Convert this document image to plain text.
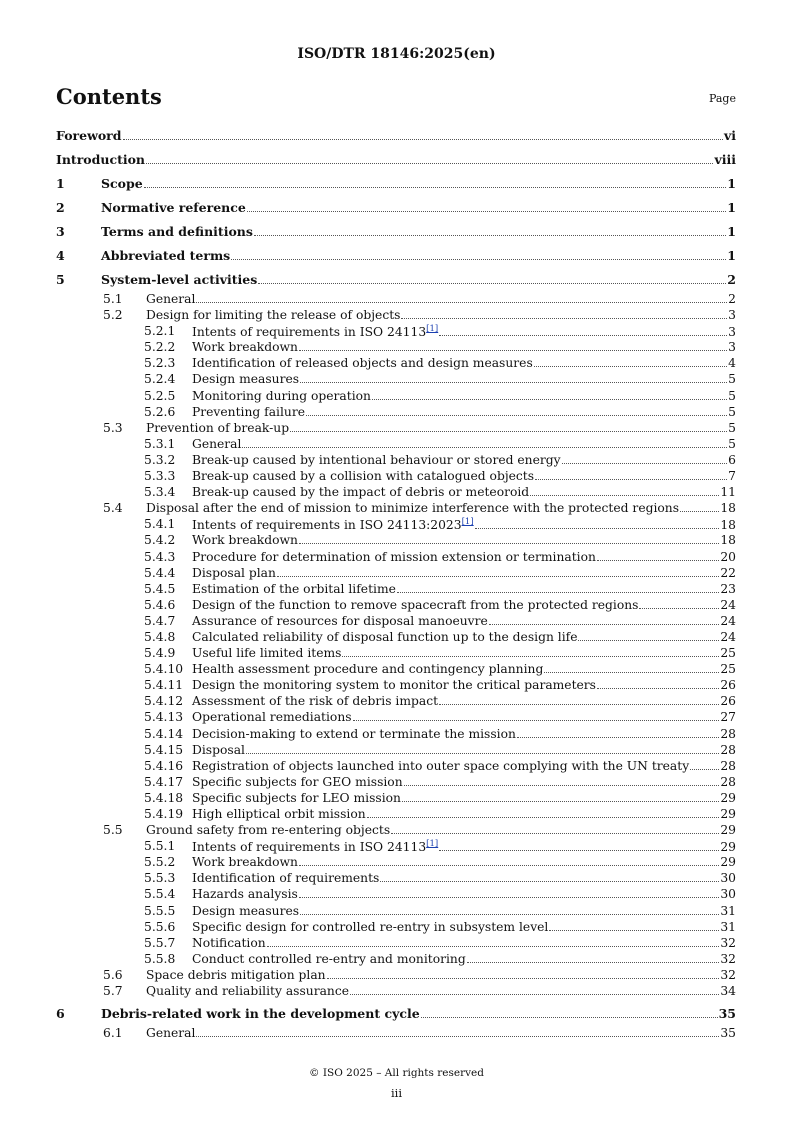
ISO/DTR 18146:2025(en)
Contents	Page
Foreword	vi
Introduction	viii
1	Scope	1
2	Normative reference	1
3	Terms and definitions	1
4	Abbreviated terms	1
5	System-level activities	2
5.1 General	2
5.2 Design for limiting the release of objects	3
5.2.1 Intents of requirements in ISO 24113[1]	3
5.2.2 Work breakdown	3
5.2.3 Identification of released objects and design measures	4
5.2.4 Design measures	5
5.2.5 Monitoring during operation	5
5.2.6 Preventing failure	5
5.3 Prevention of break-up	5
5.3.1 General	5
5.3.2 Break-up caused by intentional behaviour or stored energy	6
5.3.3 Break-up caused by a collision with catalogued objects	7
5.3.4 Break-up caused by the impact of debris or meteoroid	11
5.4 Disposal after the end of mission to minimize interference with the protected regions	18
5.4.1 Intents of requirements in ISO 24113:2023[1]	18
5.4.2 Work breakdown	18
5.4.3 Procedure for determination of mission extension or termination	20
5.4.4 Disposal plan	22
5.4.5 Estimation of the orbital lifetime	23
5.4.6 Design of the function to remove spacecraft from the protected regions	24
5.4.7 Assurance of resources for disposal manoeuvre	24
5.4.8 Calculated reliability of disposal function up to the design life	24
5.4.9 Useful life limited items	25
5.4.10 Health assessment procedure and contingency planning	25
5.4.11 Design the monitoring system to monitor the critical parameters	26
5.4.12 Assessment of the risk of debris impact	26
5.4.13 Operational remediations	27
5.4.14 Decision-making to extend or terminate the mission	28
5.4.15 Disposal	28
5.4.16 Registration of objects launched into outer space complying with the UN treaty	28
5.4.17 Specific subjects for GEO mission	28
5.4.18 Specific subjects for LEO mission	29
5.4.19 High elliptical orbit mission	29
5.5 Ground safety from re-entering objects	29
5.5.1 Intents of requirements in ISO 24113[1]	29
5.5.2 Work breakdown	29
5.5.3 Identification of requirements	30
5.5.4 Hazards analysis	30
5.5.5 Design measures	31
5.5.6 Specific design for controlled re-entry in subsystem level	31
5.5.7 Notification	32
5.5.8 Conduct controlled re-entry and monitoring	32
5.6 Space debris mitigation plan	32
5.7 Quality and reliability assurance	34
6	Debris-related work in the development cycle	35
6.1 General	35
© ISO 2025 – All rights reserved
iii
